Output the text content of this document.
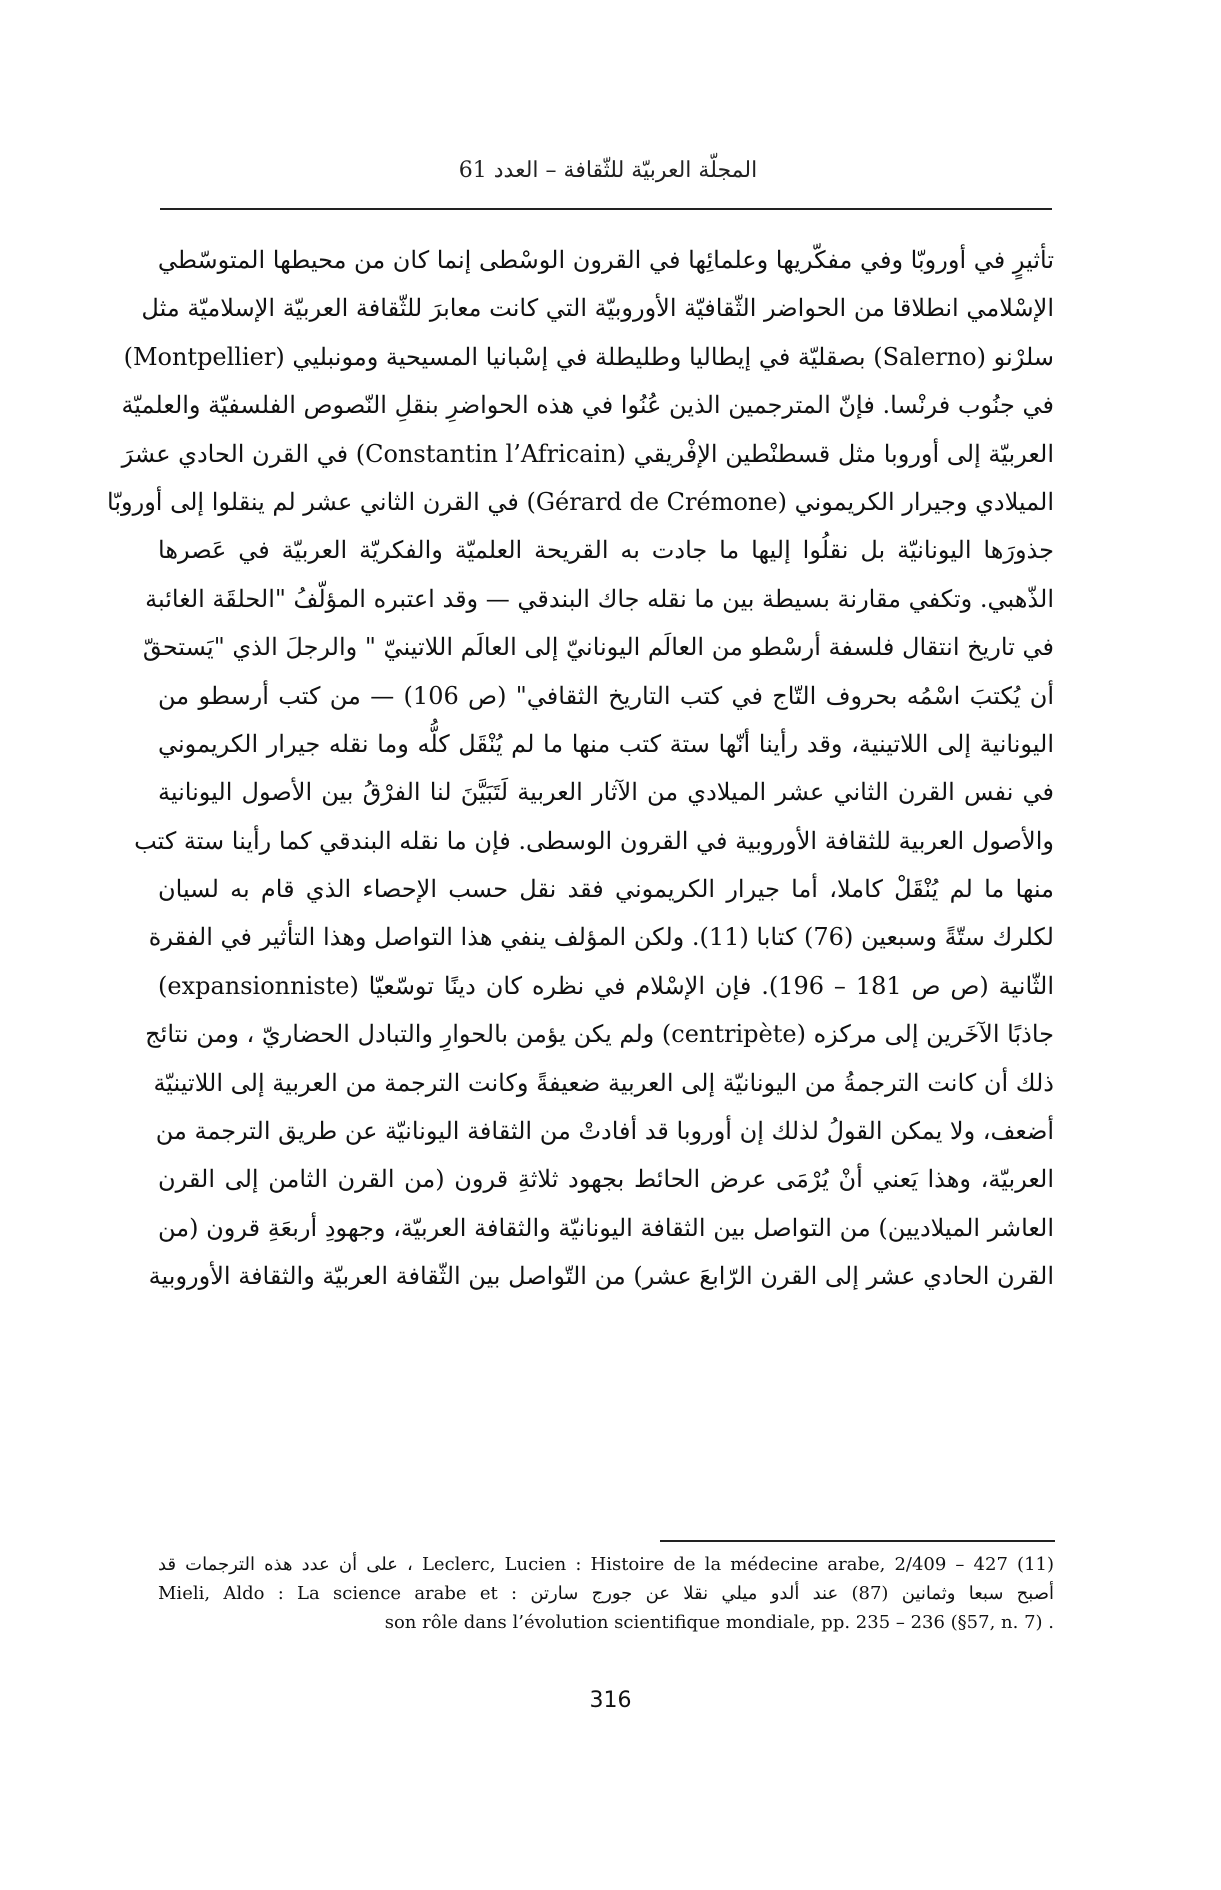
المجلّة العربيّة للثّقافة – العدد 61
تأثيرٍ في أوروبّا وفي مفكّريها وعلمائِها في القرون الوسْطى إنما كان من محيطها المتوسّطي
الإسْلامي انطلاقا من الحواضر الثّقافيّة الأوروبيّة التي كانت معابرَ للثّقافة العربيّة الإسلاميّة مثل
سلرْنو (Salerno) بصقليّة في إيطاليا وطليطلة في إسْبانيا المسيحية ومونبليي (Montpellier)
في جنُوب فرنْسا. فإنّ المترجمين الذين عُنُوا في هذه الحواضرِ بنقلِ النّصوص الفلسفيّة والعلميّة
العربيّة إلى أوروبا مثل قسطنْطين الإفْريقي (Constantin l’Africain) في القرن الحادي عشرَ
الميلادي وجيرار الكريموني (Gérard de Crémone) في القرن الثاني عشر لم ينقلوا إلى أوروبّا
جذورَها اليونانيّة بل نقلُوا إليها ما جادت به القريحة العلميّة والفكريّة العربيّة في عَصرها
الذّهبي. وتكفي مقارنة بسيطة بين ما نقله جاك البندقي — وقد اعتبره المؤلّفُ "الحلقَة الغائبة
في تاريخ انتقال فلسفة أرسْطو من العالَم اليونانيّ إلى العالَم اللاتينيّ " والرجلَ الذي "يَستحقّ
أن يُكتبَ اسْمُه بحروف التّاج في كتب التاريخ الثقافي" (ص 106) — من كتب أرسطو من
اليونانية إلى اللاتينية، وقد رأينا أنّها ستة كتب منها ما لم يُنْقَل كلُّه وما نقله جيرار الكريموني
في نفس القرن الثاني عشر الميلادي من الآثار العربية لَتَبَيَّنَ لنا الفرْقُ بين الأصول اليونانية
والأصول العربية للثقافة الأوروبية في القرون الوسطى. فإن ما نقله البندقي كما رأينا ستة كتب
منها ما لم يُنْقَلْ كاملا، أما جيرار الكريموني فقد نقل حسب الإحصاء الذي قام به لسيان
لكلرك ستّةً وسبعين (76) كتابا (11). ولكن المؤلف ينفي هذا التواصل وهذا التأثير في الفقرة
الثّانية (ص ص 181 – 196). فإن الإسْلام في نظره كان دينًا توسّعيّا (expansionniste)
جاذبًا الآخَرين إلى مركزه (centripète) ولم يكن يؤمن بالحوارِ والتبادل الحضاريّ ، ومن نتائج
ذلك أن كانت الترجمةُ من اليونانيّة إلى العربية ضعيفةً وكانت الترجمة من العربية إلى اللاتينيّة
أضعف، ولا يمكن القولُ لذلك إن أوروبا قد أفادتْ من الثقافة اليونانيّة عن طريق الترجمة من
العربيّة، وهذا يَعني أنْ يُرْمَى عرض الحائط بجهود ثلاثةِ قرون (من القرن الثامن إلى القرن
العاشر الميلاديين) من التواصل بين الثقافة اليونانيّة والثقافة العربيّة، وجهودِ أربعَةِ قرون (من
القرن الحادي عشر إلى القرن الرّابعَ عشر) من التّواصل بين الثّقافة العربيّة والثقافة الأوروبية
(11) Leclerc, Lucien : Histoire de la médecine arabe, 2/409 – 427 ، على أن عدد هذه الترجمات قد
أصبح سبعا وثمانين (87) عند ألدو ميلي نقلا عن جورج سارتن : Mieli, Aldo : La science arabe et
. son rôle dans l’évolution scientifique mondiale, pp. 235 – 236 (§57, n. 7)
316
